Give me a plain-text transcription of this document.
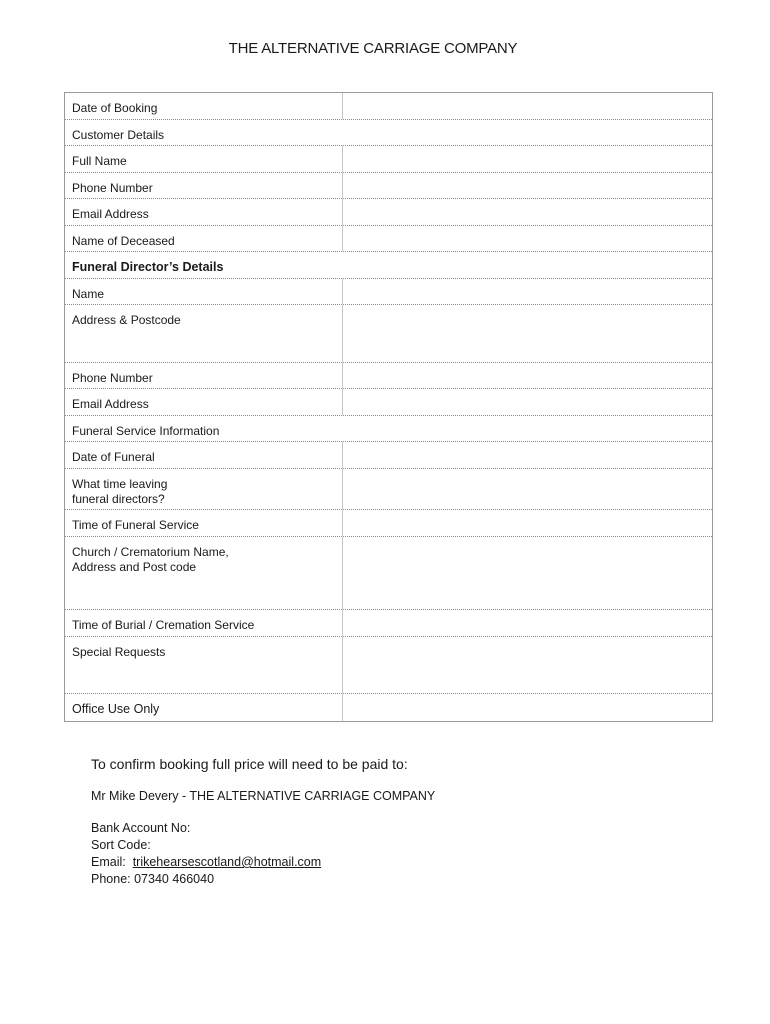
THE ALTERNATIVE CARRIAGE COMPANY
Date of Booking
Customer Details
Full Name
Phone Number
Email Address
Name of Deceased
Funeral Director’s Details
Name
Address & Postcode
Phone Number
Email Address
Funeral Service Information
Date of Funeral
What time leaving
funeral directors?
Time of Funeral Service
Church / Crematorium Name,
Address and Post code
Time of Burial / Cremation Service
Special Requests
Office Use Only
To confirm booking full price will need to be paid to:
Mr Mike Devery - THE ALTERNATIVE CARRIAGE COMPANY
Bank Account No:
Sort Code:
Email: trikehearsescotland@hotmail.com
Phone: 07340 466040
